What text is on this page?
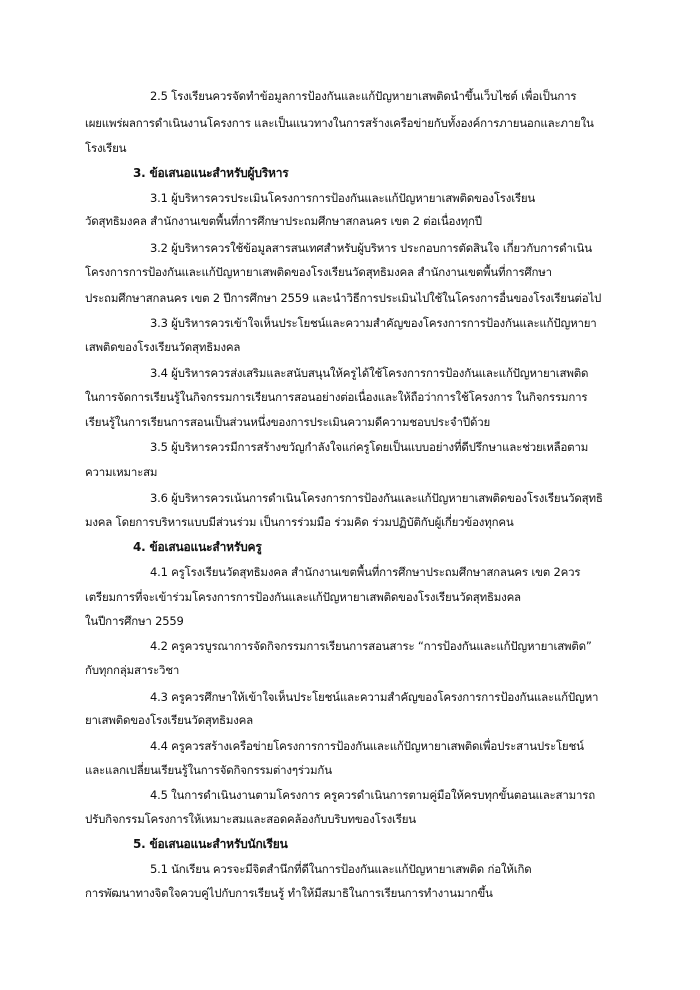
2.5 โรงเรียนควรจัดทำข้อมูลการป้องกันและแก้ปัญหายาเสพติดนำขึ้นเว็บไซต์ เพื่อเป็นการ
เผยแพร่ผลการดำเนินงานโครงการ และเป็นแนวทางในการสร้างเครือข่ายกับทั้งองค์การภายนอกและภายใน
โรงเรียน
3. ข้อเสนอแนะสำหรับผู้บริหาร
3.1 ผู้บริหารควรประเมินโครงการการป้องกันและแก้ปัญหายาเสพติดของโรงเรียน
วัดสุทธิมงคล สำนักงานเขตพื้นที่การศึกษาประถมศึกษาสกลนคร เขต 2 ต่อเนื่องทุกปี
3.2 ผู้บริหารควรใช้ข้อมูลสารสนเทศสำหรับผู้บริหาร ประกอบการตัดสินใจ เกี่ยวกับการดำเนิน
โครงการการป้องกันและแก้ปัญหายาเสพติดของโรงเรียนวัดสุทธิมงคล สำนักงานเขตพื้นที่การศึกษา
ประถมศึกษาสกลนคร เขต 2 ปีการศึกษา 2559 และนำวิธีการประเมินไปใช้ในโครงการอื่นของโรงเรียนต่อไป
3.3 ผู้บริหารควรเข้าใจเห็นประโยชน์และความสำคัญของโครงการการป้องกันและแก้ปัญหายา
เสพติดของโรงเรียนวัดสุทธิมงคล
3.4 ผู้บริหารควรส่งเสริมและสนับสนุนให้ครูได้ใช้โครงการการป้องกันและแก้ปัญหายาเสพติด
ในการจัดการเรียนรู้ในกิจกรรมการเรียนการสอนอย่างต่อเนื่องและให้ถือว่าการใช้โครงการ ในกิจกรรมการ
เรียนรู้ในการเรียนการสอนเป็นส่วนหนึ่งของการประเมินความดีความชอบประจำปีด้วย
3.5 ผู้บริหารควรมีการสร้างขวัญกำลังใจแก่ครูโดยเป็นแบบอย่างที่ดีปรึกษาและช่วยเหลือตาม
ความเหมาะสม
3.6 ผู้บริหารควรเน้นการดำเนินโครงการการป้องกันและแก้ปัญหายาเสพติดของโรงเรียนวัดสุทธิ
มงคล โดยการบริหารแบบมีส่วนร่วม เป็นการร่วมมือ ร่วมคิด ร่วมปฏิบัติกับผู้เกี่ยวข้องทุกคน
4. ข้อเสนอแนะสำหรับครู
4.1 ครูโรงเรียนวัดสุทธิมงคล สำนักงานเขตพื้นที่การศึกษาประถมศึกษาสกลนคร เขต 2ควร
เตรียมการที่จะเข้าร่วมโครงการการป้องกันและแก้ปัญหายาเสพติดของโรงเรียนวัดสุทธิมงคล
ในปีการศึกษา 2559
4.2 ครูควรบูรณาการจัดกิจกรรมการเรียนการสอนสาระ “การป้องกันและแก้ปัญหายาเสพติด”
กับทุกกลุ่มสาระวิชา
4.3 ครูควรศึกษาให้เข้าใจเห็นประโยชน์และความสำคัญของโครงการการป้องกันและแก้ปัญหา
ยาเสพติดของโรงเรียนวัดสุทธิมงคล
4.4 ครูควรสร้างเครือข่ายโครงการการป้องกันและแก้ปัญหายาเสพติดเพื่อประสานประโยชน์
และแลกเปลี่ยนเรียนรู้ในการจัดกิจกรรมต่างๆร่วมกัน
4.5 ในการดำเนินงานตามโครงการ ครูควรดำเนินการตามคู่มือให้ครบทุกขั้นตอนและสามารถ
ปรับกิจกรรมโครงการให้เหมาะสมและสอดคล้องกับบริบทของโรงเรียน
5. ข้อเสนอแนะสำหรับนักเรียน
5.1 นักเรียน ควรจะมีจิตสำนึกที่ดีในการป้องกันและแก้ปัญหายาเสพติด ก่อให้เกิด
การพัฒนาทางจิตใจควบคู่ไปกับการเรียนรู้ ทำให้มีสมาธิในการเรียนการทำงานมากขึ้น
